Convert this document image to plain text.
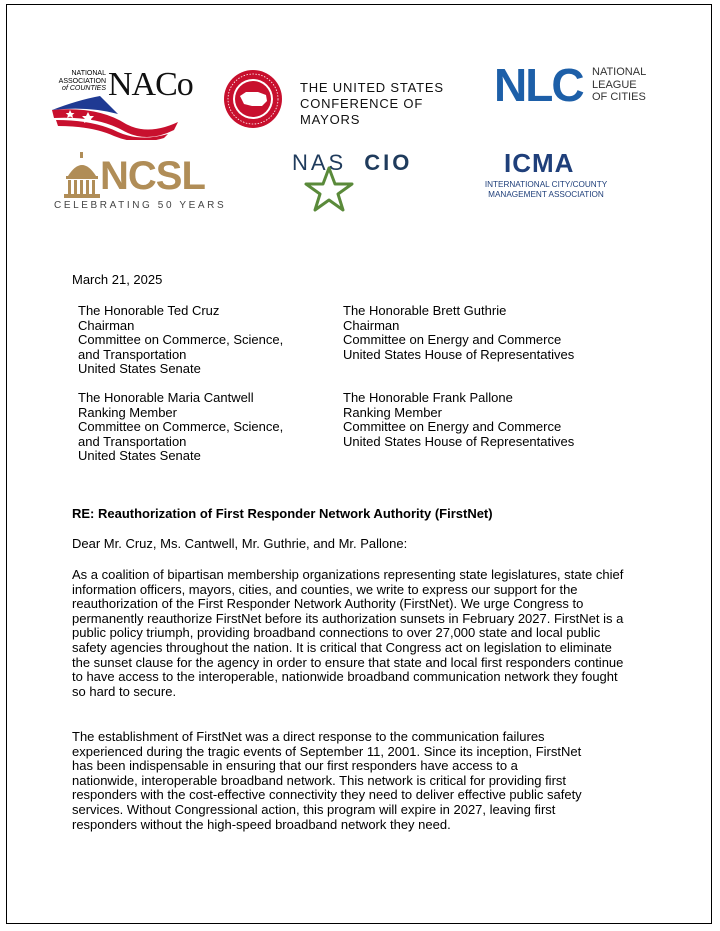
NATIONAL
ASSOCIATION
of COUNTIES NACo	THE UNITED STATES
CONFERENCE OF MAYORS
NLC NATIONAL
LEAGUE
OF CITIES
NCSL
CELEBRATING 50 YEARS
NAS CIO	ICMA
INTERNATIONAL CITY/COUNTY
MANAGEMENT ASSOCIATION
March 21, 2025
The Honorable Ted Cruz
Chairman
Committee on Commerce, Science,
and Transportation
United States Senate
The Honorable Brett Guthrie
Chairman
Committee on Energy and Commerce
United States House of Representatives
The Honorable Maria Cantwell
Ranking Member
Committee on Commerce, Science,
and Transportation
United States Senate
The Honorable Frank Pallone
Ranking Member
Committee on Energy and Commerce
United States House of Representatives
RE: Reauthorization of First Responder Network Authority (FirstNet)
Dear Mr. Cruz, Ms. Cantwell, Mr. Guthrie, and Mr. Pallone:
As a coalition of bipartisan membership organizations representing state legislatures, state chief
information officers, mayors, cities, and counties, we write to express our support for the
reauthorization of the First Responder Network Authority (FirstNet). We urge Congress to
permanently reauthorize FirstNet before its authorization sunsets in February 2027. FirstNet is a
public policy triumph, providing broadband connections to over 27,000 state and local public
safety agencies throughout the nation. It is critical that Congress act on legislation to eliminate
the sunset clause for the agency in order to ensure that state and local first responders continue
to have access to the interoperable, nationwide broadband communication network they fought
so hard to secure.
The establishment of FirstNet was a direct response to the communication failures
experienced during the tragic events of September 11, 2001. Since its inception, FirstNet
has been indispensable in ensuring that our first responders have access to a
nationwide, interoperable broadband network. This network is critical for providing first
responders with the cost-effective connectivity they need to deliver effective public safety
services. Without Congressional action, this program will expire in 2027, leaving first
responders without the high-speed broadband network they need.
